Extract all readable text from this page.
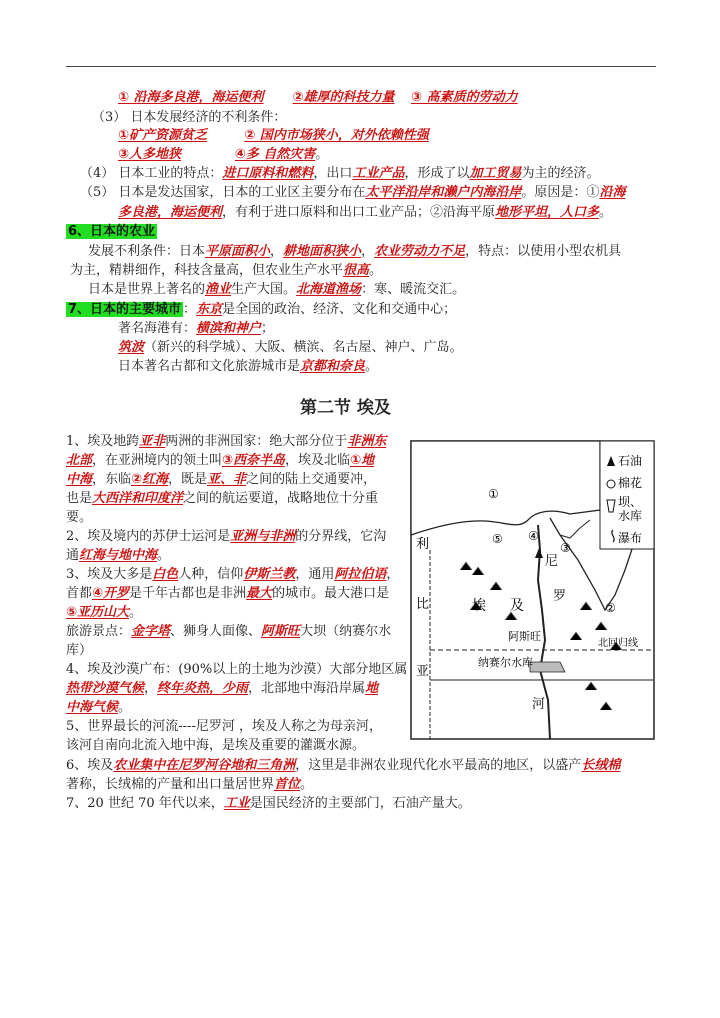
① 沿海多良港，海运便利 ②雄厚的科技力量 ③ 高素质的劳动力
（3） 日本发展经济的不利条件：
①矿产资源贫乏	② 国内市场狭小，对外依赖性强
③人多地狭	④多 自然灾害。
（4） 日本工业的特点：进口原料和燃料，出口工业产品，形成了以加工贸易为主的经济。
（5） 日本是发达国家，日本的工业区主要分布在太平洋沿岸和濑户内海沿岸。原因是：①沿海
多良港，海运便利，有利于进口原料和出口工业产品；②沿海平原地形平坦，人口多。
6、日本的农业
发展不利条件：日本平原面积小，耕地面积狭小，农业劳动力不足，特点：以使用小型农机具
为主，精耕细作，科技含量高，但农业生产水平很高。
日本是世界上著名的渔业生产大国。北海道渔场：寒、暖流交汇。
7、日本的主要城市 ：东京是全国的政治、经济、文化和交通中心；
著名海港有：横滨和神户；
筑波（新兴的科学城）、大阪、横滨、名古屋、神户、广岛。
日本著名古都和文化旅游城市是京都和奈良。
第二节 埃及
1、埃及地跨亚非两洲的非洲国家：绝大部分位于非洲东
北部，在亚洲境内的领土叫③西奈半岛，埃及北临①地
中海，东临②红海，既是亚、非之间的陆上交通要冲，
也是大西洋和印度洋之间的航运要道，战略地位十分重
要。
2、埃及境内的苏伊士运河是亚洲与非洲的分界线，它沟
通红海与地中海。
3、埃及大多是白色人种，信仰伊斯兰教，通用阿拉伯语，
首都④开罗是千年古都也是非洲最大的城市。最大港口是
⑤亚历山大。
旅游景点：金字塔、狮身人面像、阿斯旺大坝（纳赛尔水
库）
4、埃及沙漠广布：(90%以上的土地为沙漠）大部分地区属
热带沙漠气候，终年炎热，少雨，北部地中海沿岸属地
中海气候。
5、世界最长的河流----尼罗河 ，埃及人称之为母亲河，
该河自南向北流入地中海，是埃及重要的灌溉水源。
6、埃及农业集中在尼罗河谷地和三角洲，这里是非洲农业现代化水平最高的地区，以盛产长绒棉
著称，长绒棉的产量和出口量居世界首位。
7、20 世纪 70 年代以来，工业是国民经济的主要部门，石油产量大。
石油
棉花
坝、
水库
瀑布
①
②
③
④
⑤
利
比
亚
埃 及
尼
罗
河
阿斯旺
纳赛尔水库
北回归线
